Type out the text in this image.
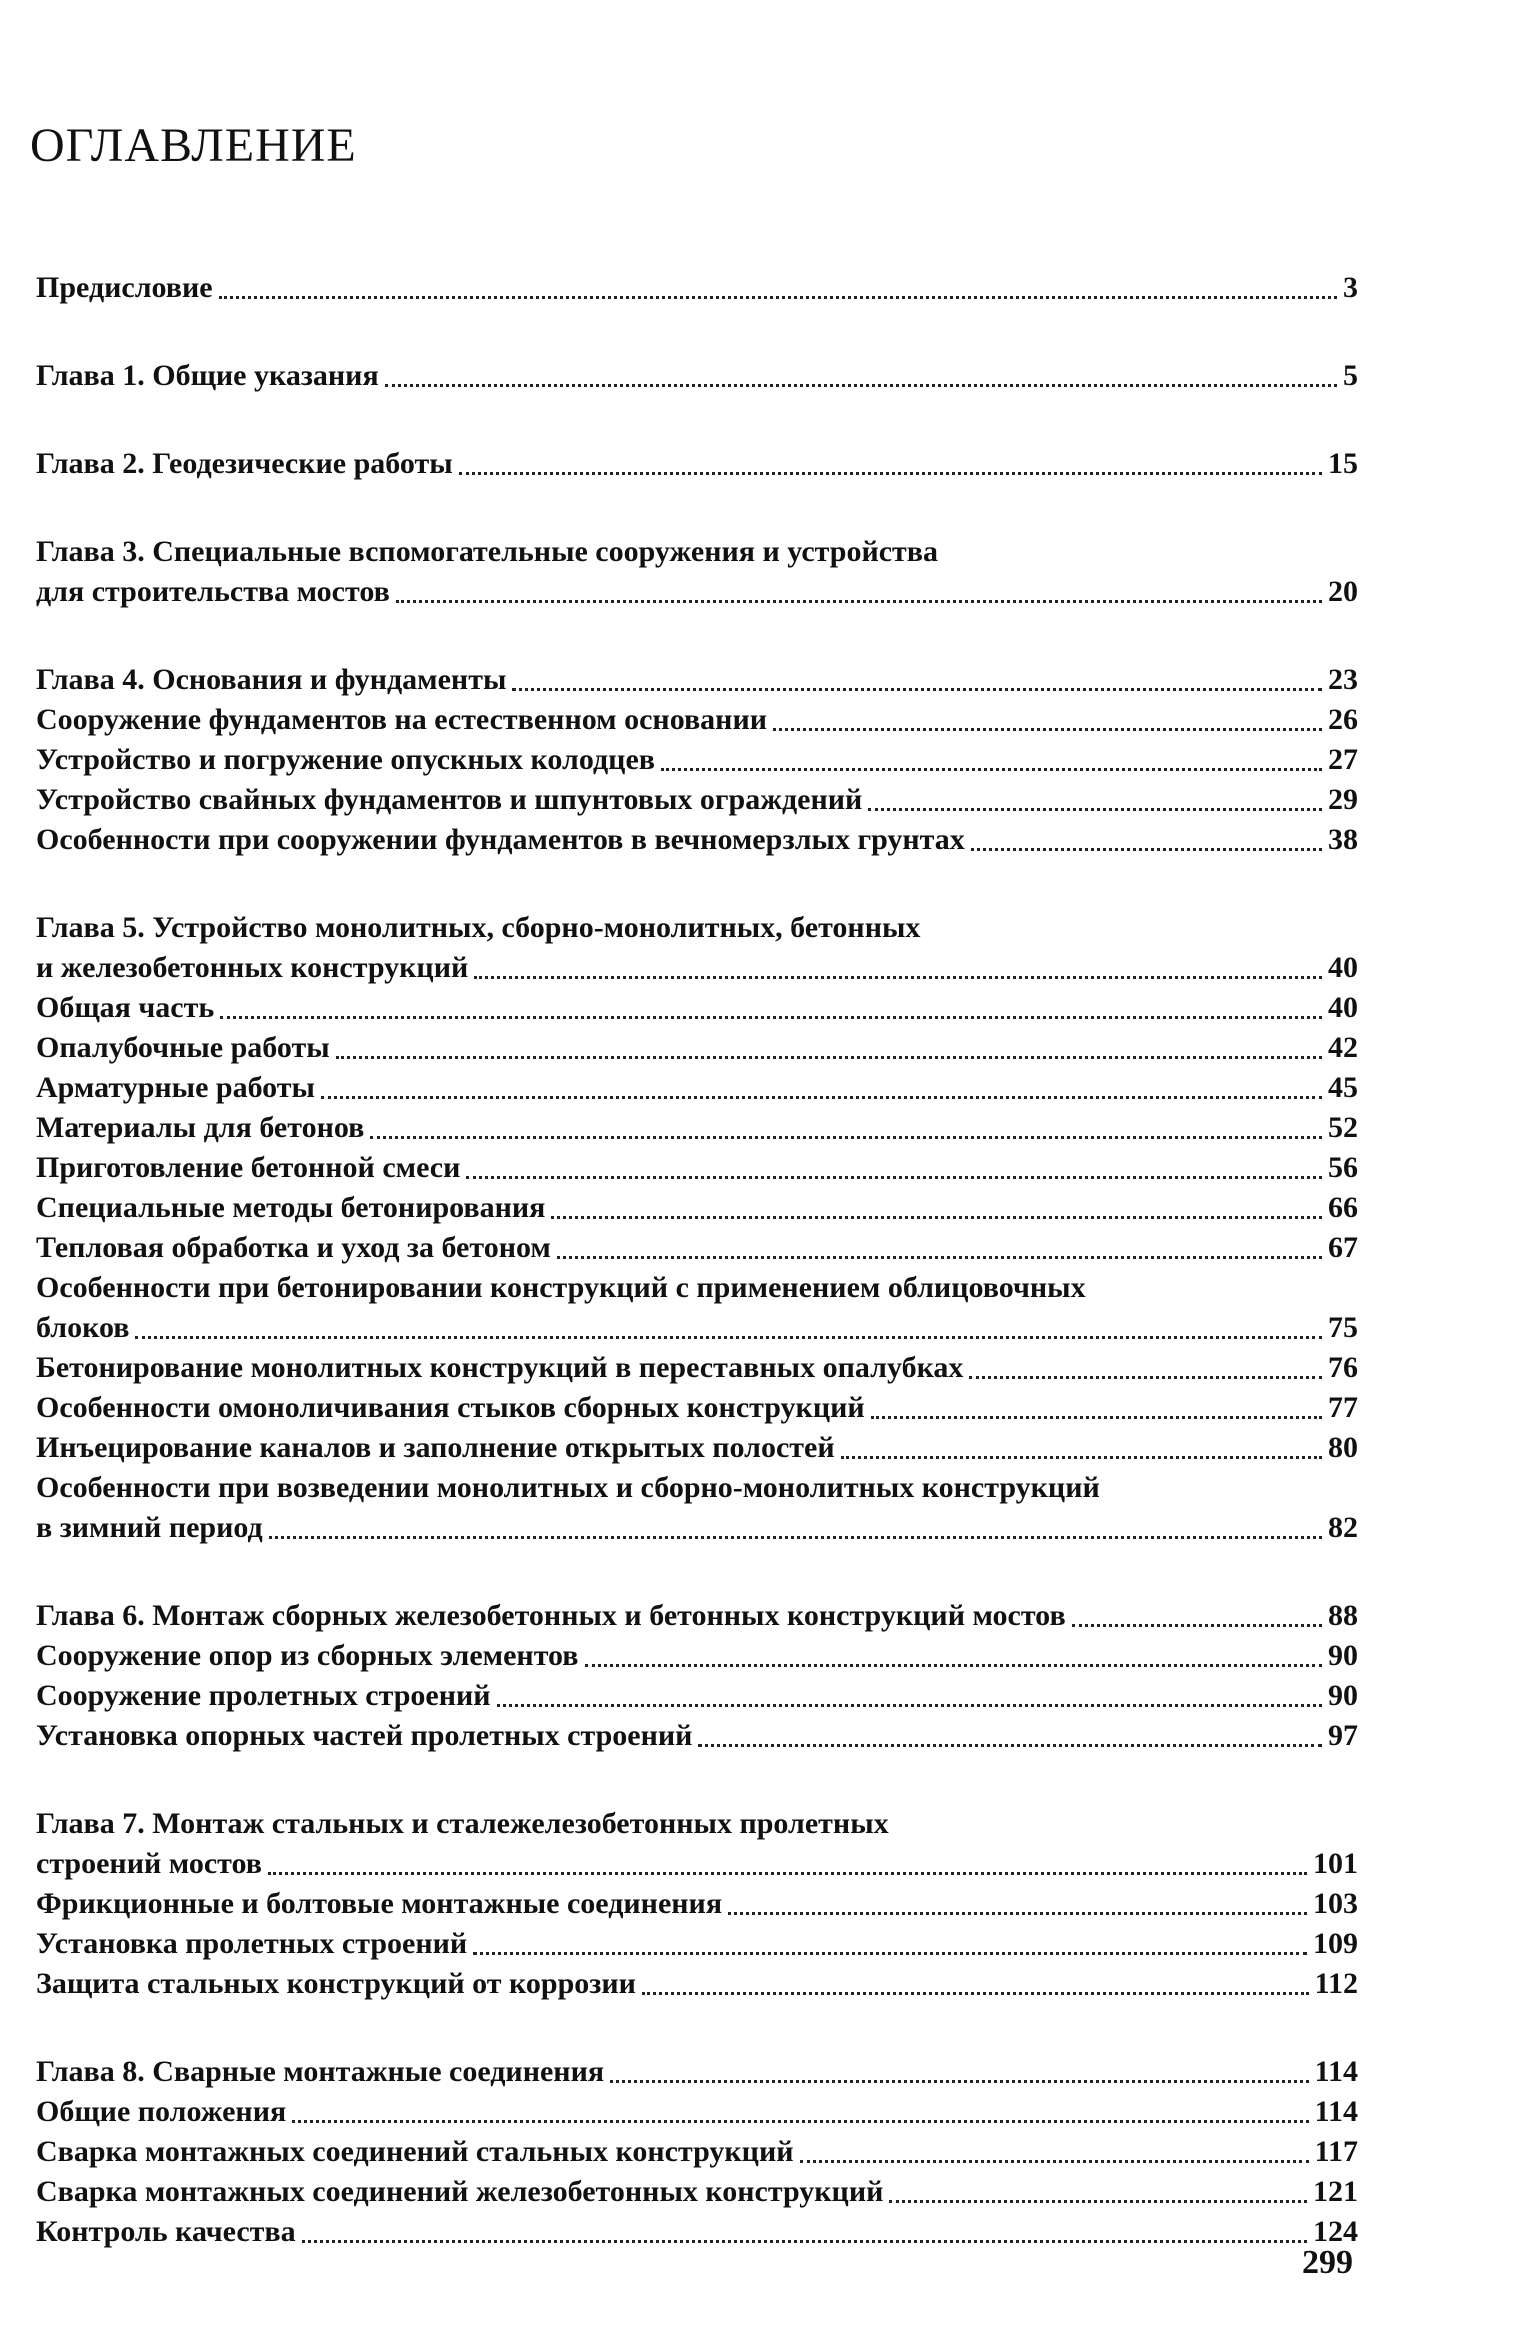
ОГЛАВЛЕНИЕ
Предисловие	3
Глава 1. Общие указания	5
Глава 2. Геодезические работы	15
Глава 3. Специальные вспомогательные сооружения и устройства
для строительства мостов	20
Глава 4. Основания и фундаменты	23
Сооружение фундаментов на естественном основании	26
Устройство и погружение опускных колодцев	27
Устройство свайных фундаментов и шпунтовых ограждений	29
Особенности при сооружении фундаментов в вечномерзлых грунтах	38
Глава 5. Устройство монолитных, сборно-монолитных, бетонных
и железобетонных конструкций	40
Общая часть	40
Опалубочные работы	42
Арматурные работы	45
Материалы для бетонов	52
Приготовление бетонной смеси	56
Специальные методы бетонирования	66
Тепловая обработка и уход за бетоном	67
Особенности при бетонировании конструкций с применением облицовочных
блоков	75
Бетонирование монолитных конструкций в переставных опалубках	76
Особенности омоноличивания стыков сборных конструкций	77
Инъецирование каналов и заполнение открытых полостей	80
Особенности при возведении монолитных и сборно-монолитных конструкций
в зимний период	82
Глава 6. Монтаж сборных железобетонных и бетонных конструкций мостов	88
Сооружение опор из сборных элементов	90
Сооружение пролетных строений	90
Установка опорных частей пролетных строений	97
Глава 7. Монтаж стальных и сталежелезобетонных пролетных
строений мостов	101
Фрикционные и болтовые монтажные соединения	103
Установка пролетных строений	109
Защита стальных конструкций от коррозии	112
Глава 8. Сварные монтажные соединения	114
Общие положения	114
Сварка монтажных соединений стальных конструкций	117
Сварка монтажных соединений железобетонных конструкций	121
Контроль качества	124
299
